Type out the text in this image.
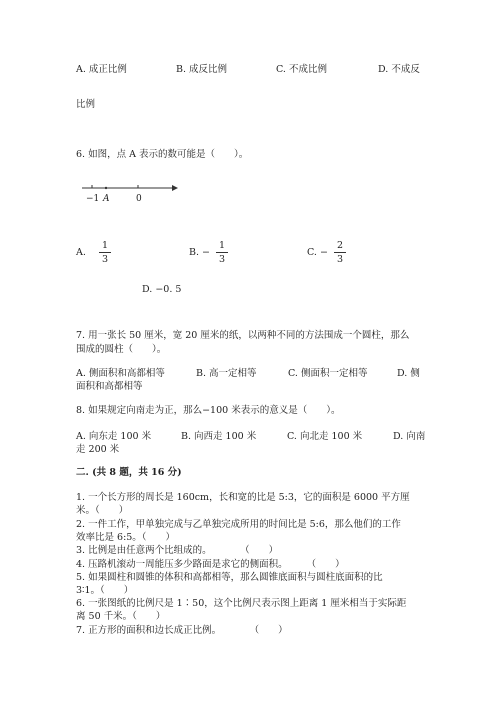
A. 成正比例	B. 成反比例	C. 不成比例	D. 不成反
比例
6. 如图，点 A 表示的数可能是（　　）。
−1 A	0
A.
1
3
B. −
1
3
C. −
2
3
D. −0. 5
7. 用一张长 50 厘米，宽 20 厘米的纸，以两种不同的方法围成一个圆柱，那么
围成的圆柱（　　）。
A. 侧面积和高都相等	B. 高一定相等	C. 侧面积一定相等	D. 侧
面积和高都相等
8. 如果规定向南走为正，那么−100 米表示的意义是（　　）。
A. 向东走 100 米	B. 向西走 100 米	C. 向北走 100 米	D. 向南
走 200 米
二. (共 8 题，共 16 分)
1. 一个长方形的周长是 160cm，长和宽的比是 5:3，它的面积是 6000 平方厘
米。（　　）
2. 一件工作，甲单独完成与乙单独完成所用的时间比是 5:6，那么他们的工作
效率比是 6:5。（　　）
3. 比例是由任意两个比组成的。　　　　（　　）
4. 压路机滚动一周能压多少路面是求它的侧面积。　　　（　　）
5. 如果圆柱和圆锥的体积和高都相等，那么圆锥底面积与圆柱底面积的比
3∶1。（　　）
6. 一张图纸的比例尺是 1∶50，这个比例尺表示图上距离 1 厘米相当于实际距
离 50 千米。（　　）
7. 正方形的面积和边长成正比例。　　　　（　　）
